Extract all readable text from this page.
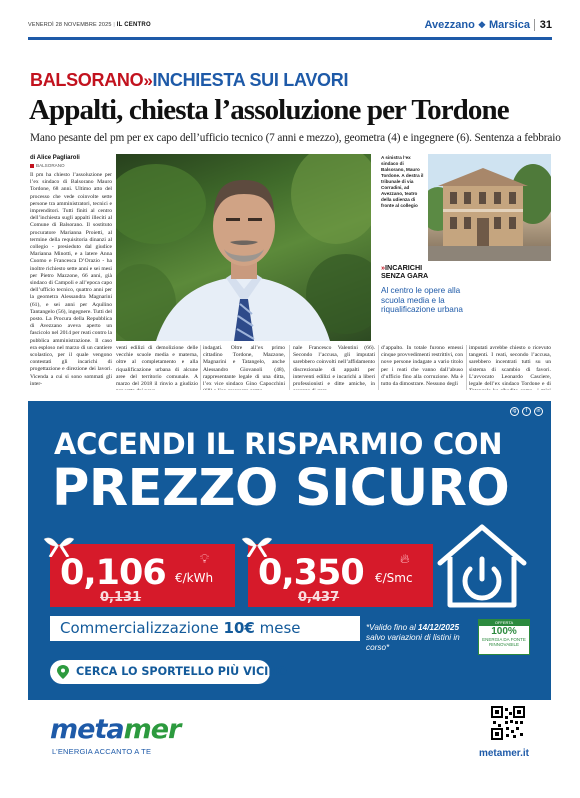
VENERDÌ 28 NOVEMBRE 2025 | IL CENTRO	Avezzano ❖ Marsica 31
BALSORANO»INCHIESTA SUI LAVORI
Appalti, chiesta l’assoluzione per Tordone
Mano pesante del pm per ex capo dell’ufficio tecnico (7 anni e mezzo), geometra (4) e ingegnere (6). Sentenza a febbraio
di Alice Pagliaroli
BALSORANO
Il pm ha chiesto l’assoluzione per l’ex sindaco di Balsorano Mauro Tordone, 68 anni. Ultimo atto del processo che vede coinvolte sette persone tra amministratori, tecnici e imprenditori. Tutti finiti al centro dell’inchiesta sugli appalti illeciti al Comune di Balsorano. Il sostituto procuratore Marianna Proietti, al termine della requisitoria dinanzi al collegio - presieduto dal giudice Marianna Minotti, e a latere Anna Cuomo e Francesca D’Orazio - ha inoltre richiesto sette anni e sei mesi per Pietro Mazzone, 66 anni, già sindaco di Campoli e all’epoca capo dell’ufficio tecnico, quattro anni per la geometra Alessandra Magnarini (61), e sei anni per Aquilino Tantangelo (56), ingegnere. Tutti del posto. La Procura della Repubblica di Avezzano aveva aperto un fascicolo nel 2014 per reati contro la pubblica amministrazione. Il caso era esploso nel marzo di un cantiere scolastico, per il quale vengono contestati gli incarichi di progettazione e direzione dei lavori. Vicenda a cui si sono sommati gli inter-
A sinistra l’ex sindaco di Balsorano, Mauro Tordone. A destra il tribunale di via Corradini, ad Avezzano, teatro della udienza di fronte al collegio
»INCARICHI
SENZA GARA
Al centro le opere alla scuola media e la riqualificazione urbana
venti edilizi di demolizione delle vecchie scuole media e materna, oltre al completamento e alla riqualificazione urbana di alcune aree del territorio comunale. A marzo del 2018 il rinvio a giudizio
indagati. Oltre all’ex primo cittadino Tordone, Mazzone, Magnarini e Tatangelo, anche Alessandro Giovanoli (48), rappresentante legale di una ditta, l’ex vice sindaco Gino Capocchini
nale Francesco Valentini (66). Secondo l’accusa, gli imputati sarebbero coinvolti nell’affidamento discrezionale di appalti per interventi edilizi e incarichi a liberi professionisti e ditte amiche, in
d’appalto. In totale furono emessi cinque provvedimenti restrittivi, con nove persone indagate a vario titolo per i reati che vanno dall’abuso d’ufficio fino alla corruzione. Ma è tutto da dimostrare. Nessuno degli
imputati avrebbe chiesto o ricevuto tangenti. I reati, secondo l’accusa, sarebbero incentrati tutti su un sistema di scambio di favori. L’avvocato Leonardo Casciere, legale dell’ex sindaco Tordone e di
ig	f	in
ACCENDI IL RISPARMIO CON
PREZZO SICURO
0,106 €/kWh
💡︎
0,131
0,350 €/Smc
🔥︎
0,437
Commercializzazione 10€ mese	*Valido fino al 14/12/2025 salvo variazioni di listini in corso*
OFFERTA
100%
ENERGIA DA FONTE RINNOVABILE
CERCA LO SPORTELLO PIÙ VICINO
metamer
L’ENERGIA ACCANTO A TE	metamer.it
